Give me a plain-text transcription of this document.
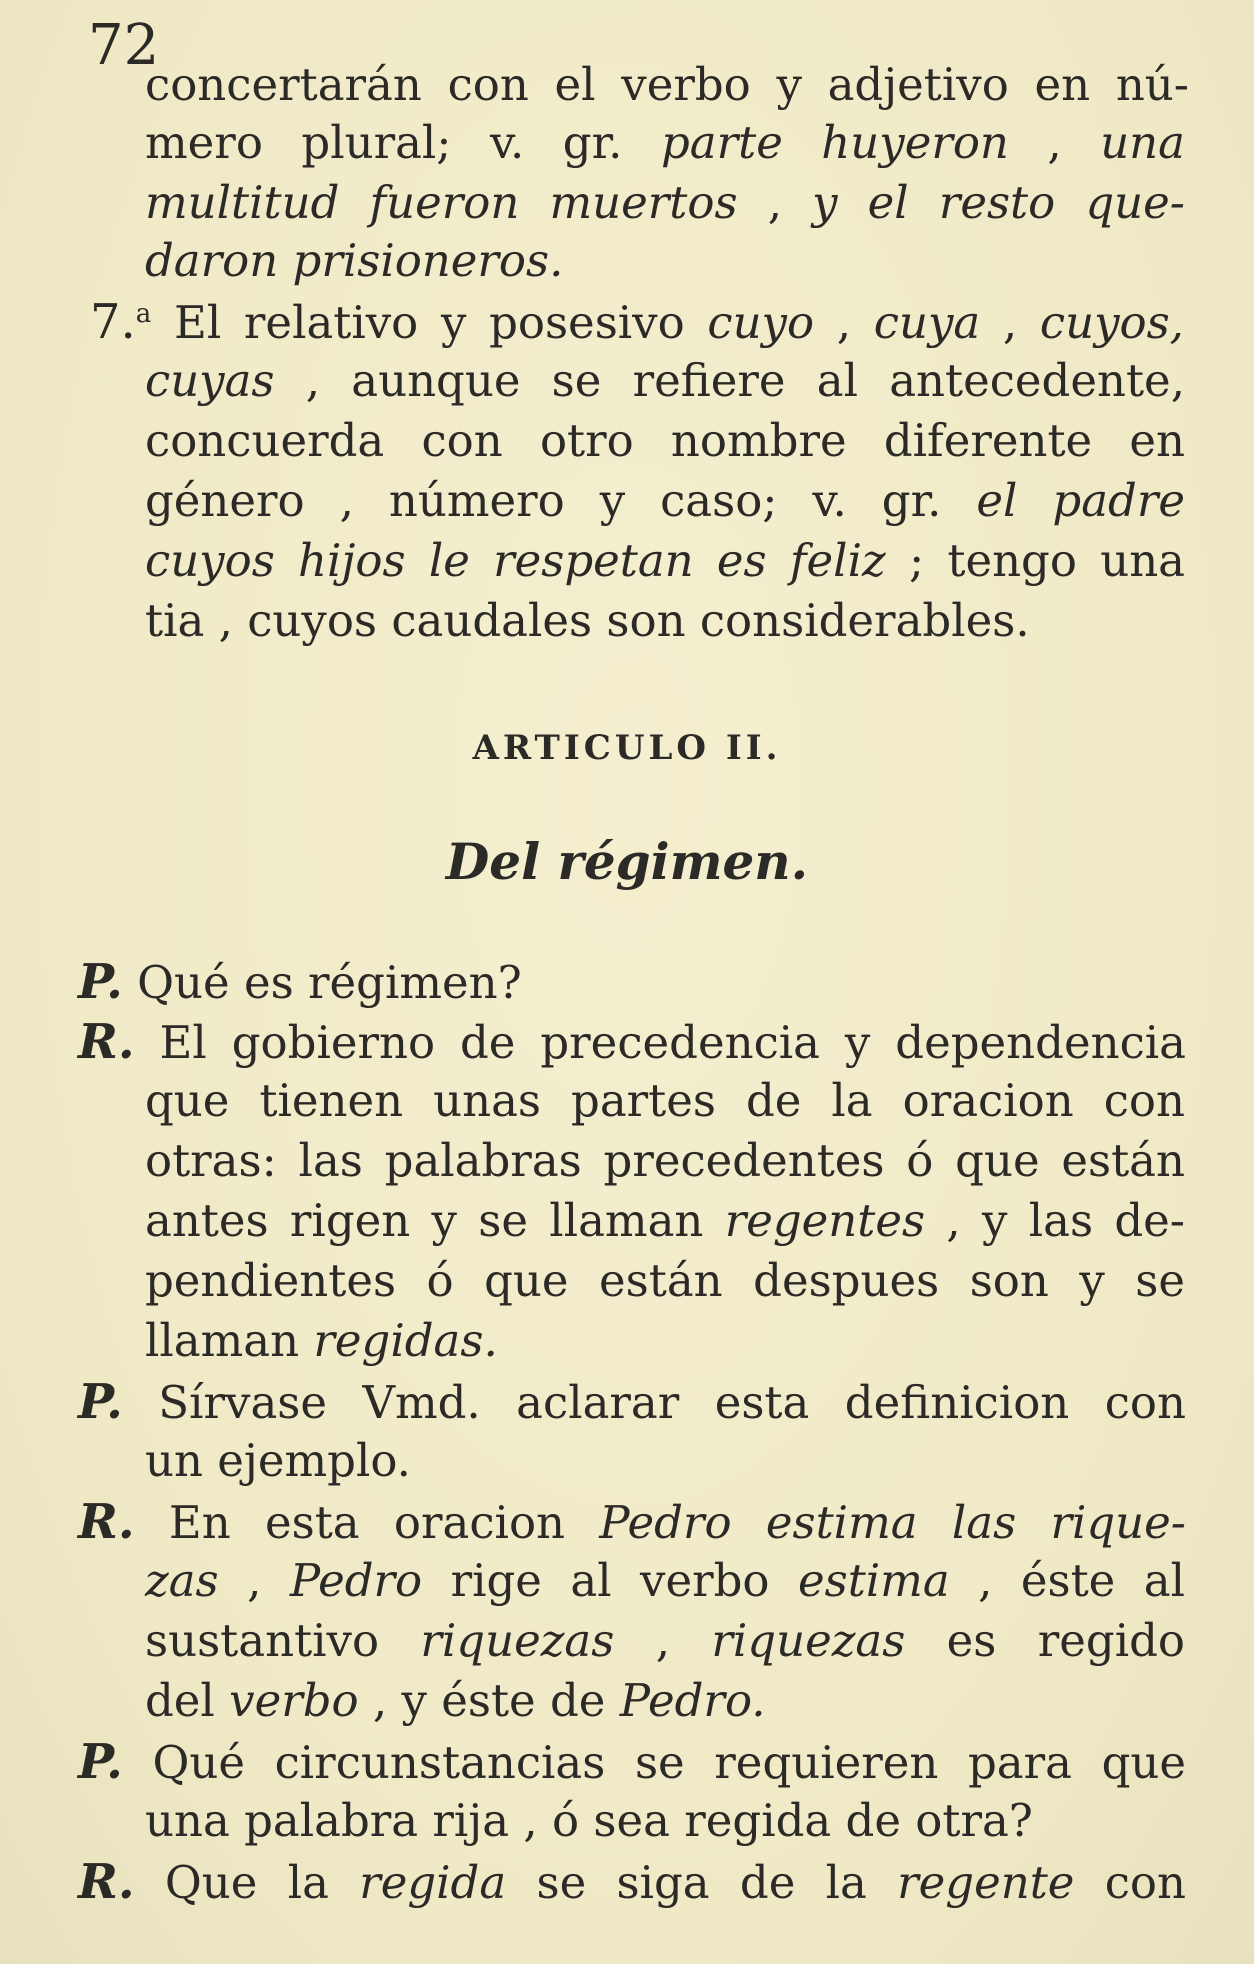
72
concertarán con el verbo y adjetivo en nú-
mero plural; v. gr. parte huyeron , una
multitud fueron muertos , y el resto que-
daron prisioneros.
7.$^a$ El relativo y posesivo cuyo , cuya , cuyos,
cuyas , aunque se refiere al antecedente,
concuerda con otro nombre diferente en
género , número y caso; v. gr. el padre
cuyos hijos le respetan es feliz ; tengo una
tia , cuyos caudales son considerables.
ARTICULO II.
Del régimen.
P. Qué es régimen?
R. El gobierno de precedencia y dependencia
que tienen unas partes de la oracion con
otras: las palabras precedentes ó que están
antes rigen y se llaman regentes , y las de-
pendientes ó que están despues son y se
llaman regidas.
P. Sírvase Vmd. aclarar esta definicion con
un ejemplo.
R. En esta oracion Pedro estima las rique-
zas , Pedro rige al verbo estima , éste al
sustantivo riquezas , riquezas es regido
del verbo , y éste de Pedro.
P. Qué circunstancias se requieren para que
una palabra rija , ó sea regida de otra?
R. Que la regida se siga de la regente con
